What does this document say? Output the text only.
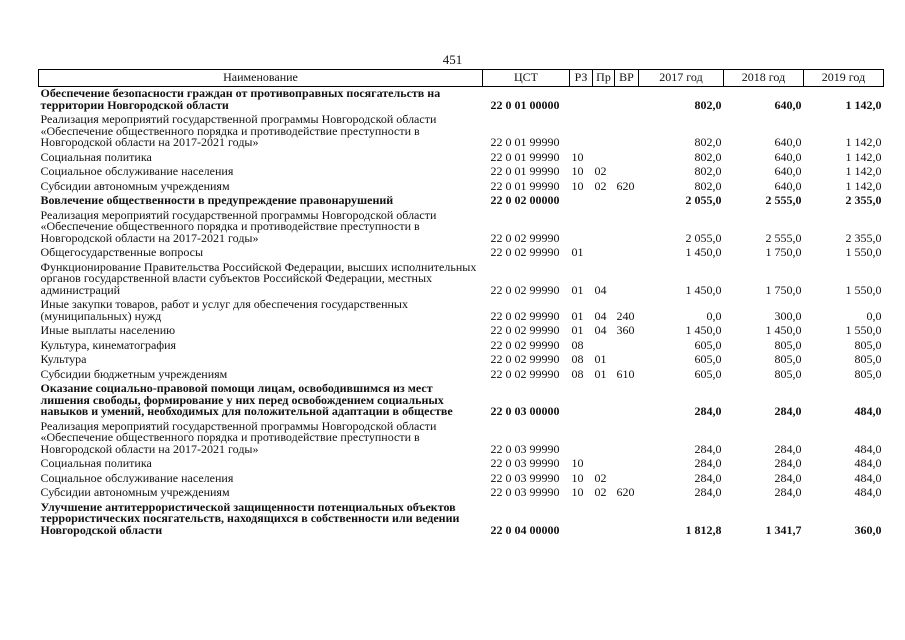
451
Наименование	ЦСТ	РЗ	Пр	ВР	2017 год	2018 год	2019 год
Обеспечение безопасности граждан от противоправных посягательств на территории Новгородской области	22 0 01 00000				802,0	640,0	1 142,0
Реализация мероприятий государственной программы Новгородской области «Обеспечение общественного порядка и противодействие преступности в Новгородской области на 2017-2021 годы»	22 0 01 99990				802,0	640,0	1 142,0
Социальная политика	22 0 01 99990	10			802,0	640,0	1 142,0
Социальное обслуживание населения	22 0 01 99990	10	02		802,0	640,0	1 142,0
Субсидии автономным учреждениям	22 0 01 99990	10	02	620	802,0	640,0	1 142,0
Вовлечение общественности в предупреждение правонарушений	22 0 02 00000				2 055,0	2 555,0	2 355,0
Реализация мероприятий государственной программы Новгородской области «Обеспечение общественного порядка и противодействие преступности в Новгородской области на 2017-2021 годы»	22 0 02 99990				2 055,0	2 555,0	2 355,0
Общегосударственные вопросы	22 0 02 99990	01			1 450,0	1 750,0	1 550,0
Функционирование Правительства Российской Федерации, высших исполнительных органов государственной власти субъектов Российской Федерации, местных администраций	22 0 02 99990	01	04		1 450,0	1 750,0	1 550,0
Иные закупки товаров, работ и услуг для обеспечения государственных (муниципальных) нужд	22 0 02 99990	01	04	240	0,0	300,0	0,0
Иные выплаты населению	22 0 02 99990	01	04	360	1 450,0	1 450,0	1 550,0
Культура, кинематография	22 0 02 99990	08			605,0	805,0	805,0
Культура	22 0 02 99990	08	01		605,0	805,0	805,0
Субсидии бюджетным учреждениям	22 0 02 99990	08	01	610	605,0	805,0	805,0
Оказание социально-правовой помощи лицам, освободившимся из мест лишения свободы, формирование у них перед освобождением социальных навыков и умений, необходимых для положительной адаптации в обществе	22 0 03 00000				284,0	284,0	484,0
Реализация мероприятий государственной программы Новгородской области «Обеспечение общественного порядка и противодействие преступности в Новгородской области на 2017-2021 годы»	22 0 03 99990				284,0	284,0	484,0
Социальная политика	22 0 03 99990	10			284,0	284,0	484,0
Социальное обслуживание населения	22 0 03 99990	10	02		284,0	284,0	484,0
Субсидии автономным учреждениям	22 0 03 99990	10	02	620	284,0	284,0	484,0
Улучшение антитеррористической защищенности потенциальных объектов террористических посягательств, находящихся в собственности или ведении Новгородской области	22 0 04 00000				1 812,8	1 341,7	360,0
